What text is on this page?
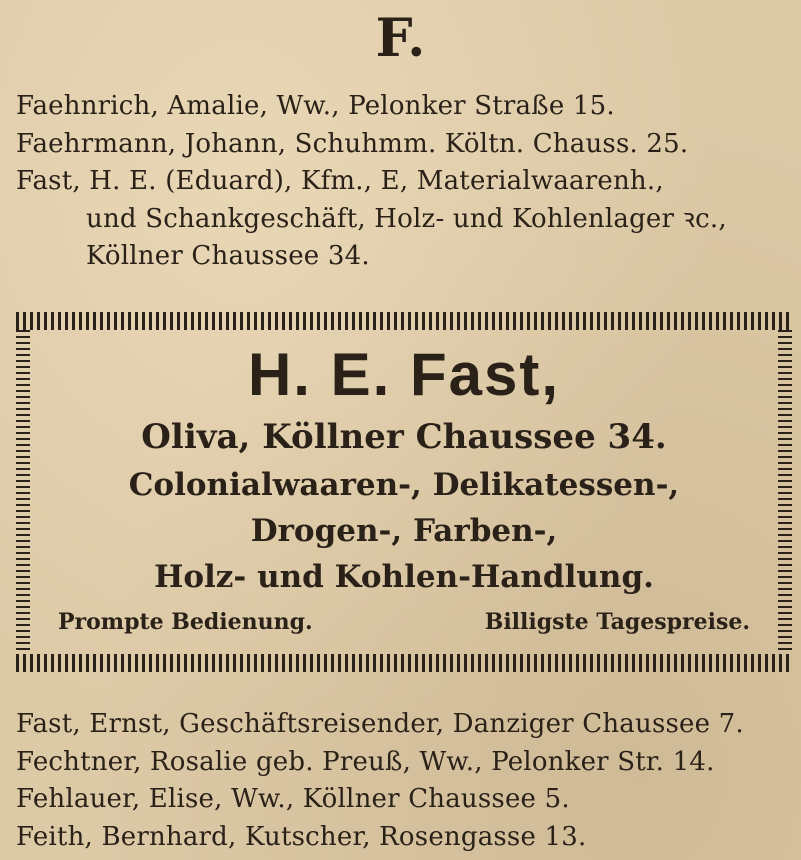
F.
Faehnrich, Amalie, Ww., Pelonker Straße 15.
Faehrmann, Johann, Schuhmm. Költn. Chauss. 25.
Fast, H. E. (Eduard), Kfm., E, Materialwaarenh.,
und Schankgeschäft, Holz- und Kohlenlager ꝛc.,
Köllner Chaussee 34.
H. E. Fast,
Oliva, Köllner Chaussee 34.
Colonialwaaren-, Delikatessen-,
Drogen-, Farben-,
Holz- und Kohlen-Handlung.
Prompte Bedienung.	Billigste Tagespreise.
Fast, Ernst, Geschäftsreisender, Danziger Chaussee 7.
Fechtner, Rosalie geb. Preuß, Ww., Pelonker Str. 14.
Fehlauer, Elise, Ww., Köllner Chaussee 5.
Feith, Bernhard, Kutscher, Rosengasse 13.
